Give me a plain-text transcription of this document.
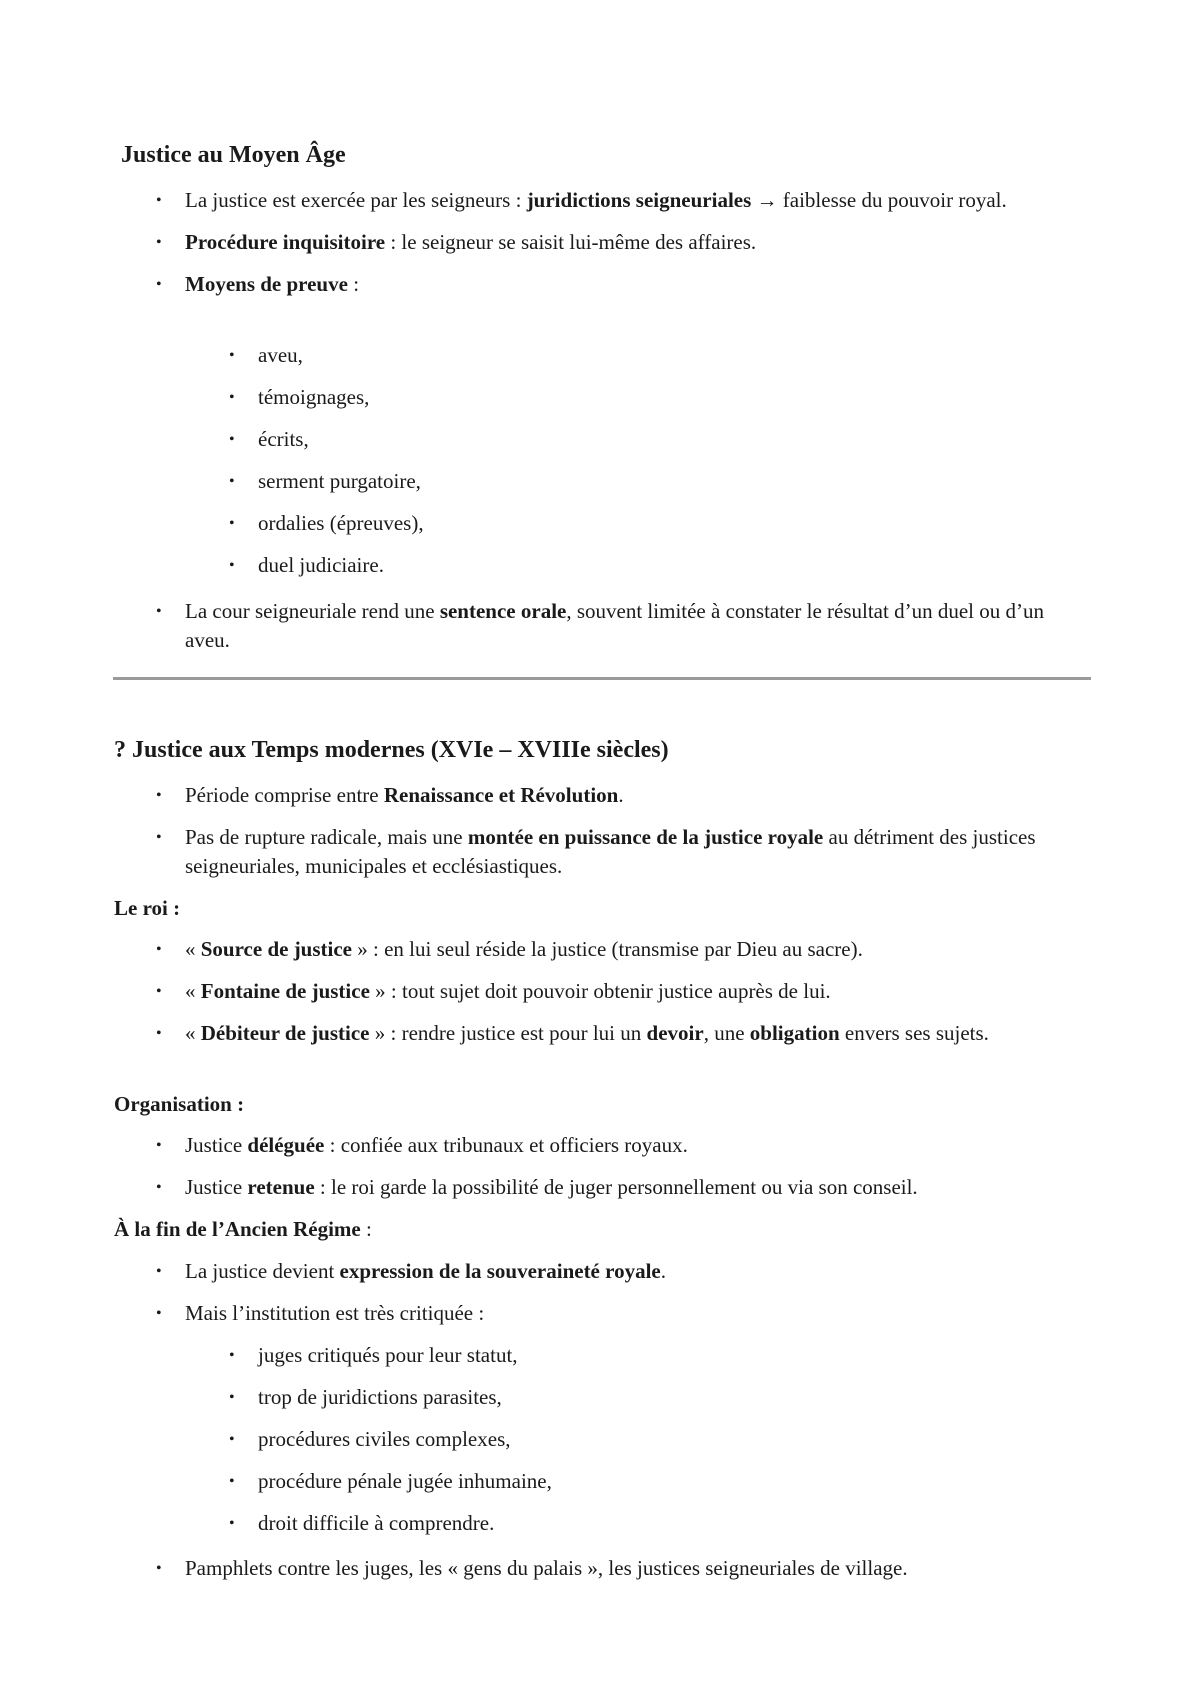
Justice au Moyen Âge
• La justice est exercée par les seigneurs : juridictions seigneuriales → faiblesse du pouvoir royal.
• Procédure inquisitoire : le seigneur se saisit lui-même des affaires.
• Moyens de preuve :
• aveu,
• témoignages,
• écrits,
• serment purgatoire,
• ordalies (épreuves),
• duel judiciaire.
• La cour seigneuriale rend une sentence orale, souvent limitée à constater le résultat d’un duel ou d’un aveu.
? Justice aux Temps modernes (XVIe – XVIIIe siècles)
• Période comprise entre Renaissance et Révolution.
• Pas de rupture radicale, mais une montée en puissance de la justice royale au détriment des justices seigneuriales, municipales et ecclésiastiques.

Le roi :

• « Source de justice » : en lui seul réside la justice (transmise par Dieu au sacre).
• « Fontaine de justice » : tout sujet doit pouvoir obtenir justice auprès de lui.
• « Débiteur de justice » : rendre justice est pour lui un devoir, une obligation envers ses sujets.

Organisation :

• Justice déléguée : confiée aux tribunaux et officiers royaux.
• Justice retenue : le roi garde la possibilité de juger personnellement ou via son conseil.

À la fin de l’Ancien Régime :

• La justice devient expression de la souveraineté royale.
• Mais l’institution est très critiquée :
• juges critiqués pour leur statut,
• trop de juridictions parasites,
• procédures civiles complexes,
• procédure pénale jugée inhumaine,
• droit difficile à comprendre.
• Pamphlets contre les juges, les « gens du palais », les justices seigneuriales de village.
